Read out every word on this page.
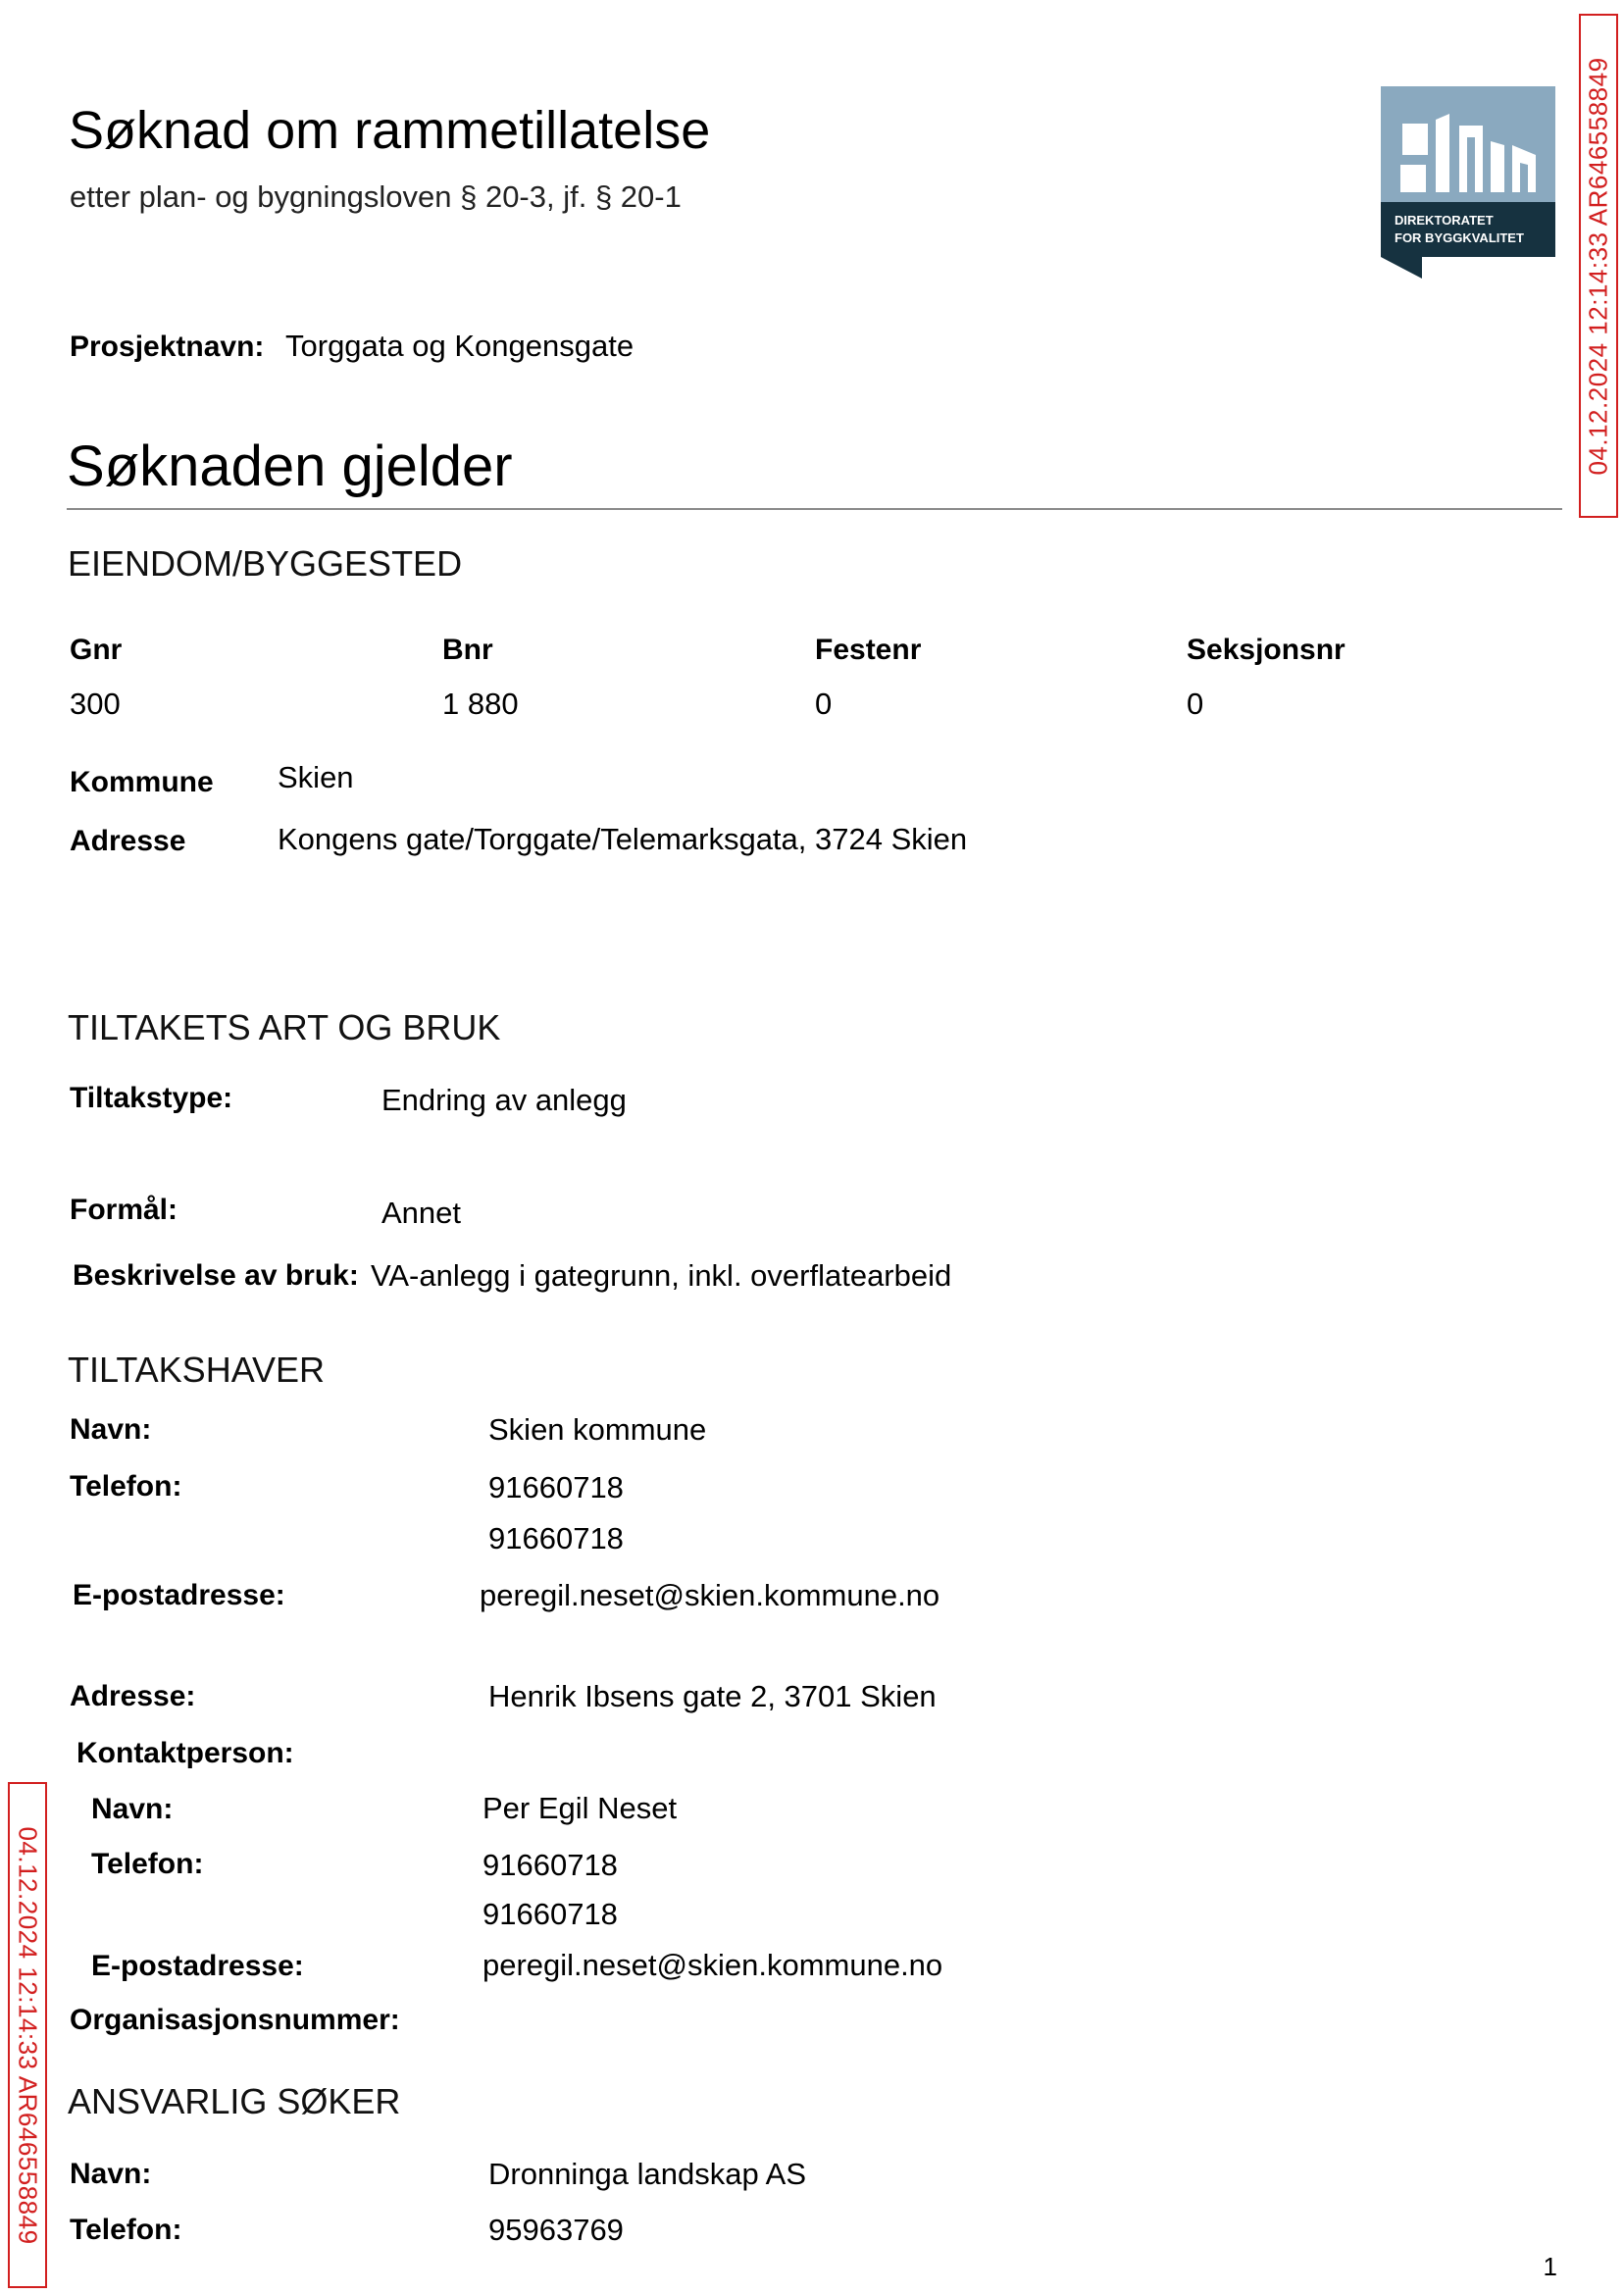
Søknad om rammetillatelse
etter plan- og bygningsloven § 20-3, jf. § 20-1
DIREKTORATET
FOR BYGGKVALITET 04.12.2024 12:14:33 AR646558849
04.12.2024 12:14:33 AR646558849
Prosjektnavn: Torggata og Kongensgate
Søknaden gjelder
EIENDOM/BYGGESTED
Gnr	Bnr	Festenr	Seksjonsnr
300	1 880	0	0
Kommune Skien
Adresse	Kongens gate/Torggate/Telemarksgata, 3724 Skien
TILTAKETS ART OG BRUK
Tiltakstype:	Endring av anlegg
Formål:	Annet
Beskrivelse av bruk: VA-anlegg i gategrunn, inkl. overflatearbeid
TILTAKSHAVER
Navn:	Skien kommune
Telefon:	91660718
91660718
E-postadresse:	peregil.neset@skien.kommune.no
Adresse:	Henrik Ibsens gate 2, 3701 Skien
Kontaktperson:
Navn:	Per Egil Neset
Telefon:	91660718
91660718
E-postadresse:	peregil.neset@skien.kommune.no
Organisasjonsnummer:
ANSVARLIG SØKER
Navn:	Dronninga landskap AS
Telefon:	95963769
1
